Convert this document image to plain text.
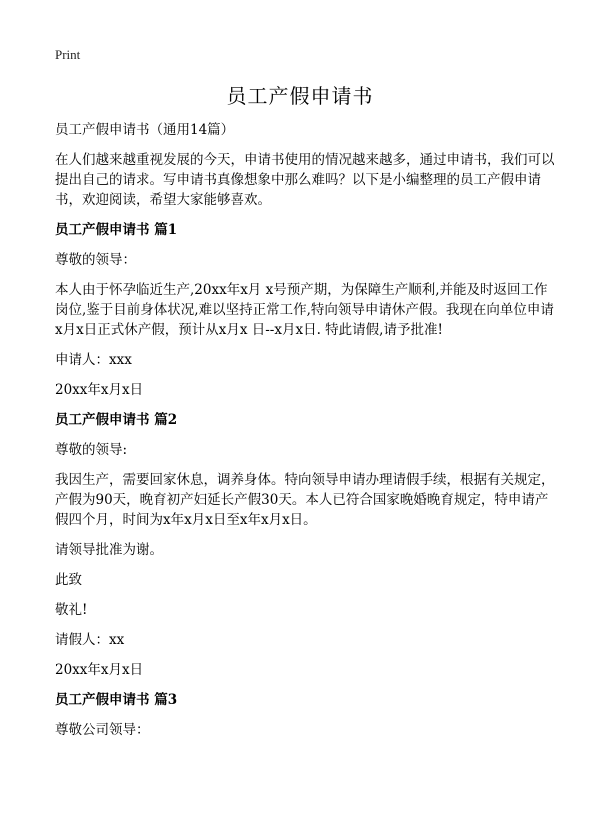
Print
员工产假申请书

员工产假申请书（通用14篇）

在人们越来越重视发展的今天，申请书使用的情况越来越多，通过申请书，我们可以提出自己的请求。写申请书真像想象中那么难吗？以下是小编整理的员工产假申请书，欢迎阅读，希望大家能够喜欢。

员工产假申请书 篇1

尊敬的领导：

本人由于怀孕临近生产,20xx年x月 x号预产期，为保障生产顺利,并能及时返回工作岗位,鉴于目前身体状况,难以坚持正常工作,特向领导申请休产假。我现在向单位申请x月x日正式休产假，预计从x月x 日--x月x日. 特此请假,请予批准!

申请人：xxx

20xx年x月x日

员工产假申请书 篇2

尊敬的领导:

我因生产，需要回家休息，调养身体。特向领导申请办理请假手续，根据有关规定，产假为90天，晚育初产妇延长产假30天。本人已符合国家晚婚晚育规定，特申请产假四个月，时间为x年x月x日至x年x月x日。

请领导批准为谢。

此致

敬礼!

请假人：xx

20xx年x月x日

员工产假申请书 篇3

尊敬公司领导：
